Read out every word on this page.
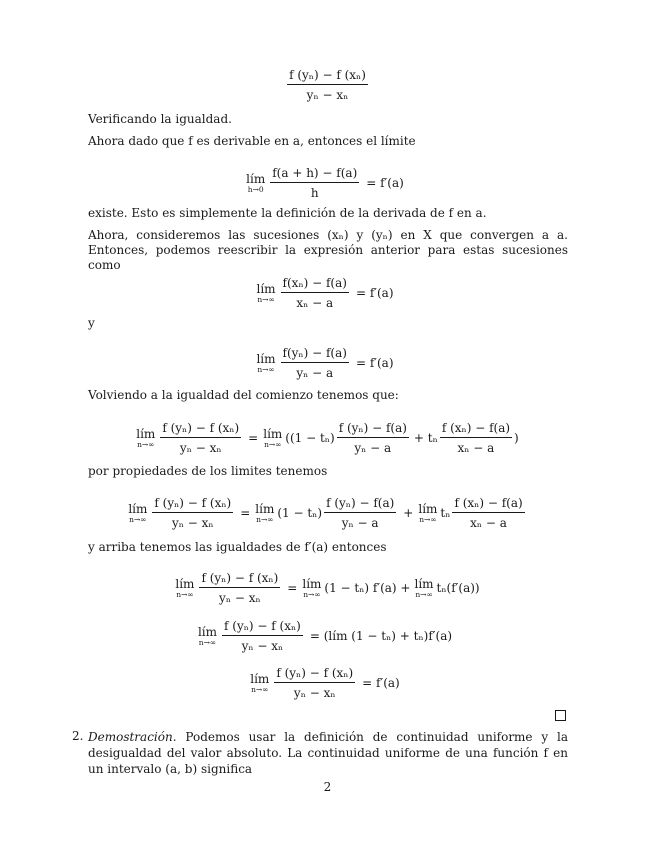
$\frac{\text{f (yₙ) − f (xₙ)}}{\text{yₙ − xₙ}}$
Verificando la igualdad.
Ahora dado que f es derivable en a, entonces el límite
lím
$h\to 0 \frac{f(a + h) - f(a)}{h} = f'(a)$
existe. Esto es simplemente la definición de la derivada de f en a.
Ahora, consideremos las sucesiones (xₙ) y (yₙ) en X que convergen a a. Entonces, podemos reescribir la expresión anterior para estas sucesiones como
lím
$n\to\infty \frac{\text{f(xₙ) − f(a)}}{\text{xₙ − a}} = f'(a)$
y
lím
$n\to\infty \frac{\text{f(yₙ) − f(a)}}{\text{yₙ − a}} = f'(a)$
Volviendo a la igualdad del comienzo tenemos que:
lím
$n\to\infty \frac{\text{f (yₙ) − f (xₙ)}}{\text{yₙ − xₙ}}$ = lím
n→∞ ($(1 - t_n) \frac{\text{f (yₙ) − f(a)}}{\text{yₙ − a}} + t_n \frac{\text{f (xₙ) − f(a)}}{\text{xₙ − a}}$ )
por propiedades de los limites tenemos
lím
$n\to\infty \frac{\text{f (yₙ) − f (xₙ)}}{\text{yₙ − xₙ}}$ = lím
n→∞ $(1 - t_n) \frac{\text{f (yₙ) − f(a)}}{\text{yₙ − a}}$ + lím
n→∞ tₙ $\frac{\text{f (xₙ) − f(a)}}{\text{xₙ − a}}$
y arriba tenemos las igualdades de f′(a) entonces
lím
$n\to\infty \frac{\text{f (yₙ) − f (xₙ)}}{\text{yₙ − xₙ}}$ = lím
n→∞ (1 − tₙ) f′(a) + lím
n→∞ tₙ(f′(a))
lím
$n\to\infty \frac{\text{f (yₙ) − f (xₙ)}}{\text{yₙ − xₙ}}$ = (lím (1 − tₙ) + tₙ)f′(a)
lím
$n\to\infty \frac{\text{f (yₙ) − f (xₙ)}}{\text{yₙ − xₙ}} = f'(a)$
2. Demostración. Podemos usar la definición de continuidad uniforme y la desigualdad del valor absoluto. La continuidad uniforme de una función f en un intervalo (a, b) significa
2
